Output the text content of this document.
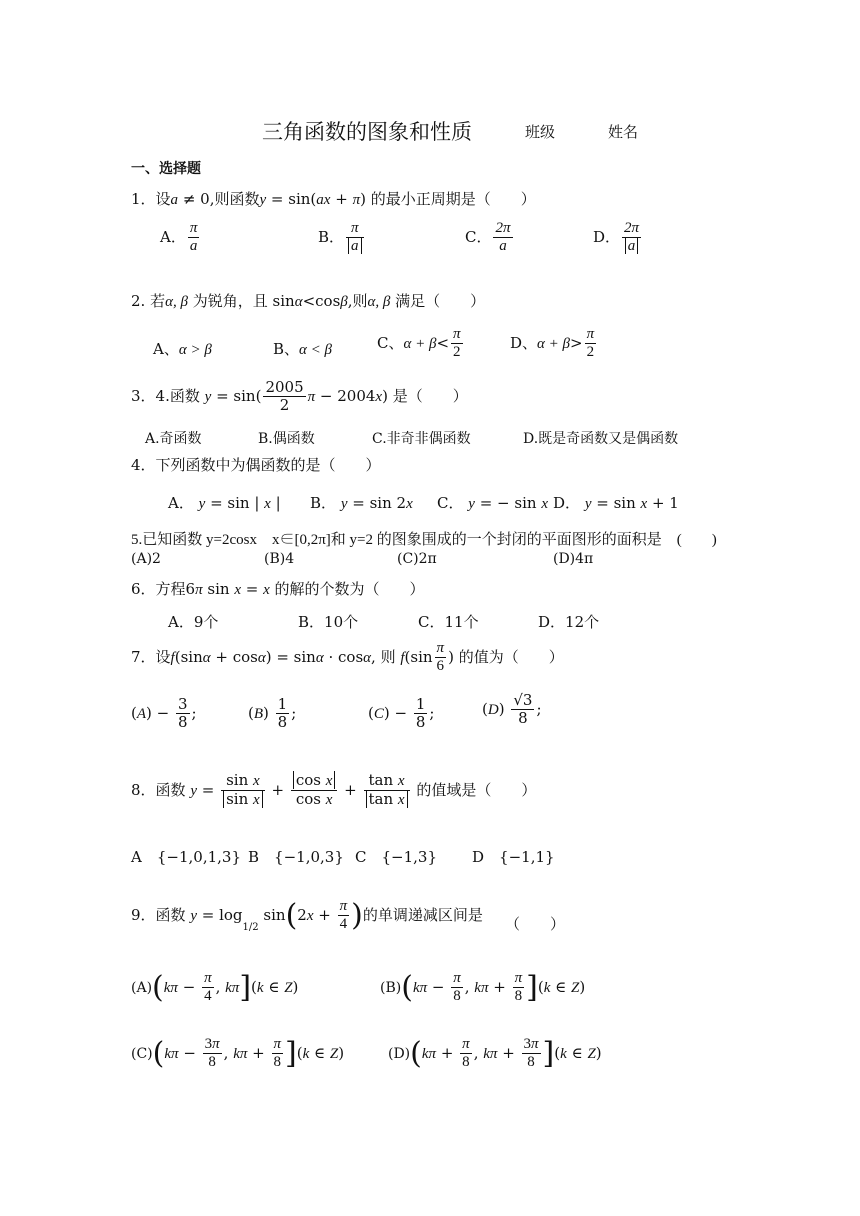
三角函数的图象和性质	班级	姓名
一、选择题
1．设a ≠ 0,则函数y = sin(ax + π) 的最小正周期是（　　）
A． $\frac{\pi}{a}$	B． $\frac{\pi}{a}$	C． $\frac{2\pi}{a}$	D． $\frac{2\pi}{a}$
2. 若α, β 为锐角，且 sinα<cosβ,则α, β 满足（　　）
A、α > β	B、α < β	C、$\alpha + \beta< \frac{\pi}{2}$	D、$\alpha + \beta> \frac{\pi}{2}$
3．4.函数 $y = \sin( \frac{2005}{2}$ π − 2004x) 是（　　）
A.奇函数	B.偶函数	C.非奇非偶函数	D.既是奇函数又是偶函数
4．下列函数中为偶函数的是（　　）
A． y = sin | x | B． y = sin 2x C． y = − sin x D． y = sin x + 1
5.已知函数 y=2cosx　x∈[0,2π]和 y=2 的图象围成的一个封闭的平面图形的面积是　(　　)
(A)2	(B)4	(C)2π	(D)4π
6．方程6π sin x = x 的解的个数为（　　）
A．9个	B．10个	C．11个	D．12个
7．设f(sinα + cosα) = sinα · cosα, 则 $f(\sin \frac{\pi}{6}$ ) 的值为（　　）
$(A) - \frac{3}{8}$ ;	$(B) \frac{1}{8}$ ;	$(C) - \frac{1}{8}$ ;	$(D) \frac{√3}{8}$ ;
8．函数 $y = \frac{\text{sin x}}{\text{sin x}} + \frac{\text{cos x}}{\text{cos x}} + \frac{\text{tan x}}{\text{tan x}}$ 的值域是（　　）
A　 {−1,0,1,3} B　 {−1,0,3} C　 {−1,3} D　 {−1,1}
9．函数 $y = \log_{1/2} \sin(2x + \frac{\pi}{4}$ )的单调递减区间是
（　　）
$(A)(k\pi - \frac{\pi}{4}$ , kπ](k ∈ Z)	$(B)(k\pi - \frac{\pi}{8}$ , $k\pi + \frac{\pi}{8} ](k$ ∈ Z)
$(C)(k\pi - \frac{3\pi}{8}$ , $k\pi + \frac{\pi}{8} ](k$ ∈ Z)	$(D)(k\pi + \frac{\pi}{8}$ , $k\pi + \frac{3\pi}{8} ](k$ ∈ Z)
